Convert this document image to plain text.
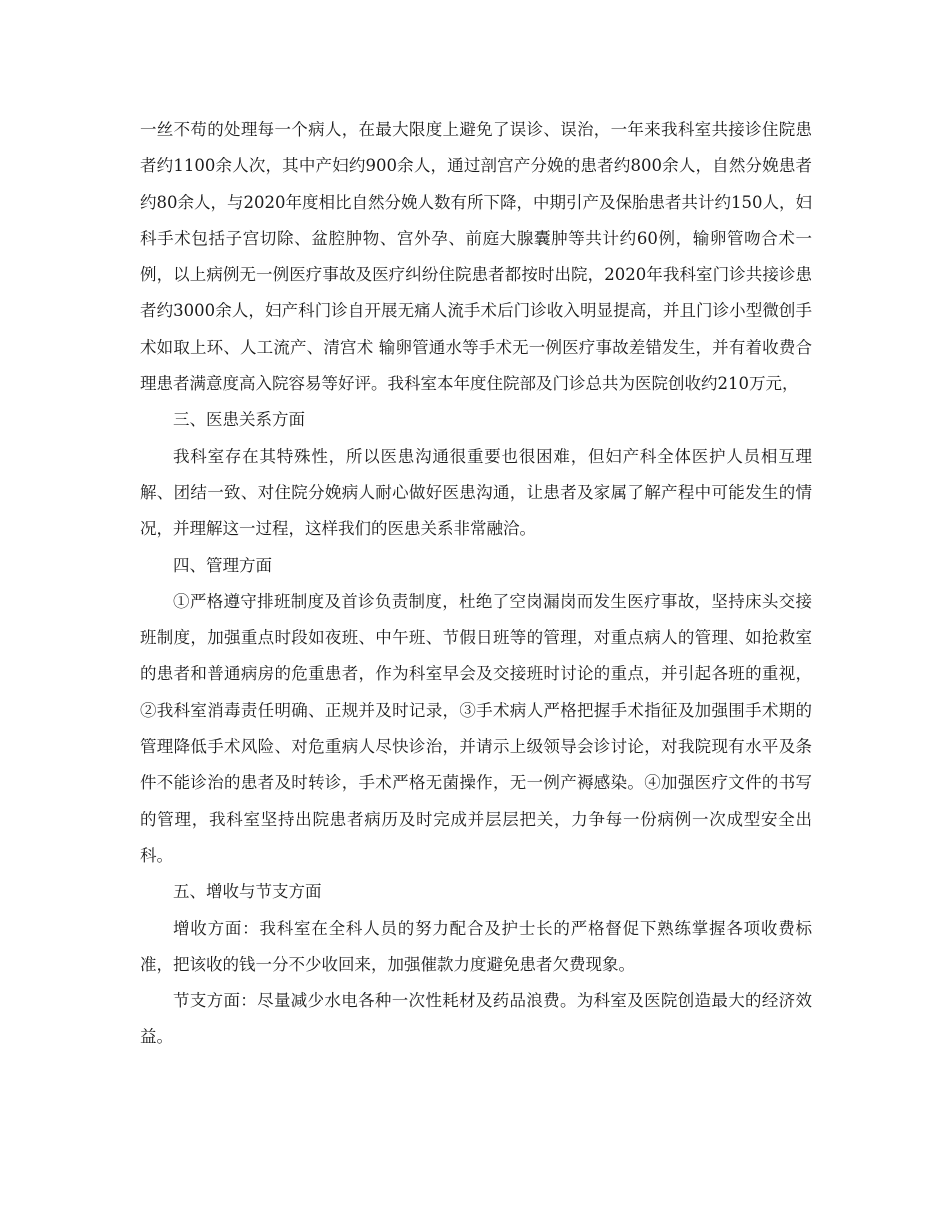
一丝不苟的处理每一个病人，在最大限度上避免了误诊、误治，一年来我科室共接诊住院患者约1100余人次，其中产妇约900余人，通过剖宫产分娩的患者约800余人，自然分娩患者约80余人，与2020年度相比自然分娩人数有所下降，中期引产及保胎患者共计约150人，妇科手术包括子宫切除、盆腔肿物、宫外孕、前庭大腺囊肿等共计约60例，输卵管吻合术一例，以上病例无一例医疗事故及医疗纠纷住院患者都按时出院，2020年我科室门诊共接诊患者约3000余人，妇产科门诊自开展无痛人流手术后门诊收入明显提高，并且门诊小型微创手术如取上环、人工流产、清宫术 输卵管通水等手术无一例医疗事故差错发生，并有着收费合理患者满意度高入院容易等好评。我科室本年度住院部及门诊总共为医院创收约210万元，

三、医患关系方面

我科室存在其特殊性，所以医患沟通很重要也很困难，但妇产科全体医护人员相互理解、团结一致、对住院分娩病人耐心做好医患沟通，让患者及家属了解产程中可能发生的情况，并理解这一过程，这样我们的医患关系非常融洽。

四、管理方面

①严格遵守排班制度及首诊负责制度，杜绝了空岗漏岗而发生医疗事故，坚持床头交接班制度，加强重点时段如夜班、中午班、节假日班等的管理，对重点病人的管理、如抢救室的患者和普通病房的危重患者，作为科室早会及交接班时讨论的重点，并引起各班的重视，②我科室消毒责任明确、正规并及时记录，③手术病人严格把握手术指征及加强围手术期的管理降低手术风险、对危重病人尽快诊治，并请示上级领导会诊讨论，对我院现有水平及条件不能诊治的患者及时转诊，手术严格无菌操作，无一例产褥感染。④加强医疗文件的书写的管理，我科室坚持出院患者病历及时完成并层层把关，力争每一份病例一次成型安全出科。

五、增收与节支方面

增收方面：我科室在全科人员的努力配合及护士长的严格督促下熟练掌握各项收费标准，把该收的钱一分不少收回来，加强催款力度避免患者欠费现象。

节支方面：尽量减少水电各种一次性耗材及药品浪费。为科室及医院创造最大的经济效益。
